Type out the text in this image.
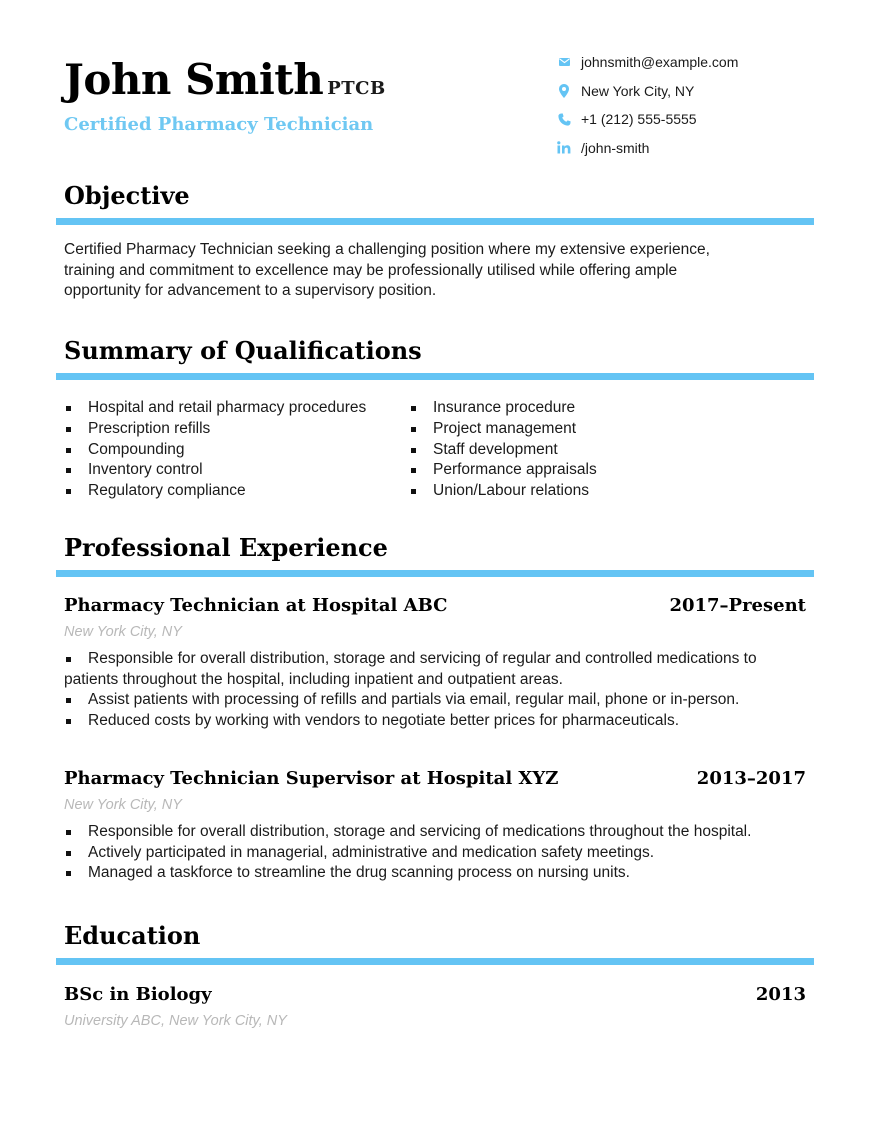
John Smith PTCB
Certified Pharmacy Technician
johnsmith@example.com
New York City, NY
+1 (212) 555-5555
/john-smith
Objective
Certified Pharmacy Technician seeking a challenging position where my extensive experience, training and commitment to excellence may be professionally utilised while offering ample opportunity for advancement to a supervisory position.
Summary of Qualifications
Hospital and retail pharmacy procedures
Prescription refills
Compounding
Inventory control
Regulatory compliance
Insurance procedure
Project management
Staff development
Performance appraisals
Union/Labour relations
Professional Experience
Pharmacy Technician at Hospital ABC	2017–Present
New York City, NY
Responsible for overall distribution, storage and servicing of regular and controlled medications to patients throughout the hospital, including inpatient and outpatient areas.
Assist patients with processing of refills and partials via email, regular mail, phone or in-person.
Reduced costs by working with vendors to negotiate better prices for pharmaceuticals.
Pharmacy Technician Supervisor at Hospital XYZ	2013–2017
New York City, NY
Responsible for overall distribution, storage and servicing of medications throughout the hospital.
Actively participated in managerial, administrative and medication safety meetings.
Managed a taskforce to streamline the drug scanning process on nursing units.
Education
BSc in Biology	2013
University ABC, New York City, NY
